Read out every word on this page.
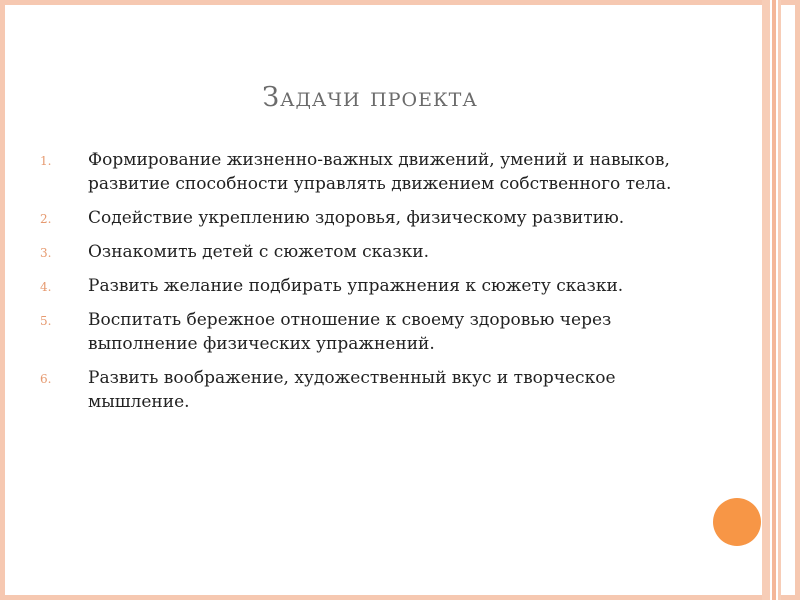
Задачи проекта
1. Формирование жизненно-важных движений, умений и навыков, развитие способности управлять движением собственного тела.
2. Содействие укреплению здоровья, физическому развитию.
3. Ознакомить детей с сюжетом сказки.
4. Развить желание подбирать упражнения к сюжету сказки.
5. Воспитать бережное отношение к своему здоровью через выполнение физических упражнений.
6. Развить воображение, художественный вкус и творческое мышление.
